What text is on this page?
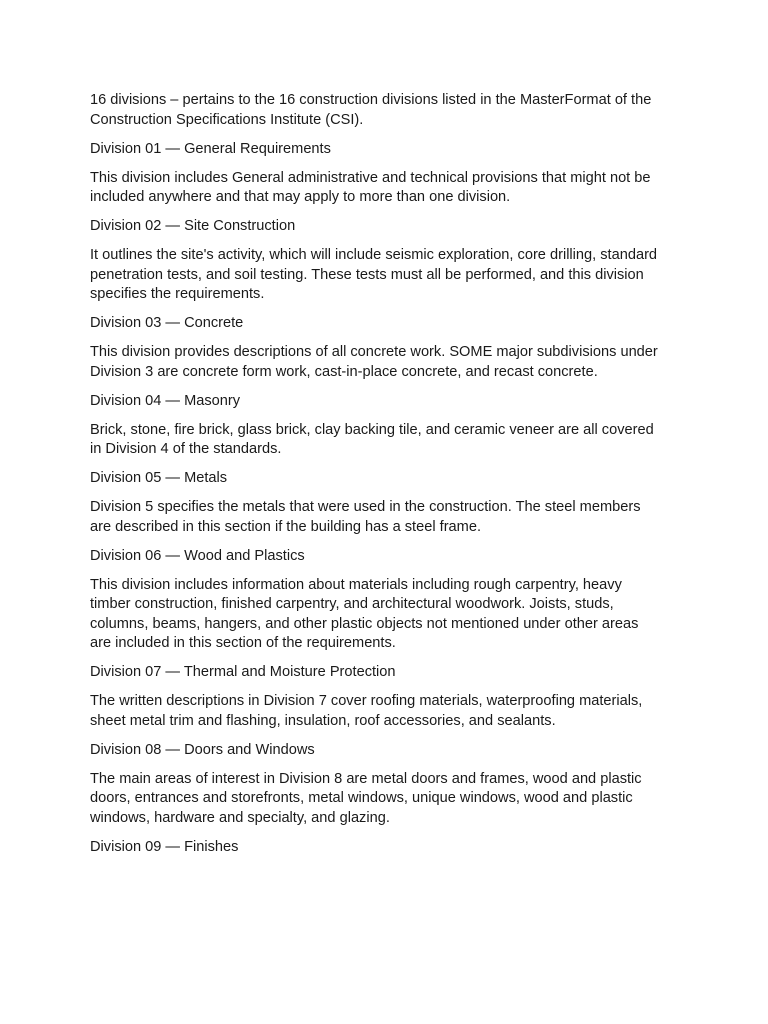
16 divisions – pertains to the 16 construction divisions listed in the MasterFormat of the
Construction Specifications Institute (CSI).

Division 01 — General Requirements

This division includes General administrative and technical provisions that might not be
included anywhere and that may apply to more than one division.

Division 02 — Site Construction

It outlines the site's activity, which will include seismic exploration, core drilling, standard
penetration tests, and soil testing. These tests must all be performed, and this division
specifies the requirements.

Division 03 — Concrete

This division provides descriptions of all concrete work. SOME major subdivisions under
Division 3 are concrete form work, cast-in-place concrete, and recast concrete.

Division 04 — Masonry

Brick, stone, fire brick, glass brick, clay backing tile, and ceramic veneer are all covered
in Division 4 of the standards.

Division 05 — Metals

Division 5 specifies the metals that were used in the construction. The steel members
are described in this section if the building has a steel frame.

Division 06 — Wood and Plastics

This division includes information about materials including rough carpentry, heavy
timber construction, finished carpentry, and architectural woodwork. Joists, studs,
columns, beams, hangers, and other plastic objects not mentioned under other areas
are included in this section of the requirements.

Division 07 — Thermal and Moisture Protection

The written descriptions in Division 7 cover roofing materials, waterproofing materials,
sheet metal trim and flashing, insulation, roof accessories, and sealants.

Division 08 — Doors and Windows

The main areas of interest in Division 8 are metal doors and frames, wood and plastic
doors, entrances and storefronts, metal windows, unique windows, wood and plastic
windows, hardware and specialty, and glazing.

Division 09 — Finishes
